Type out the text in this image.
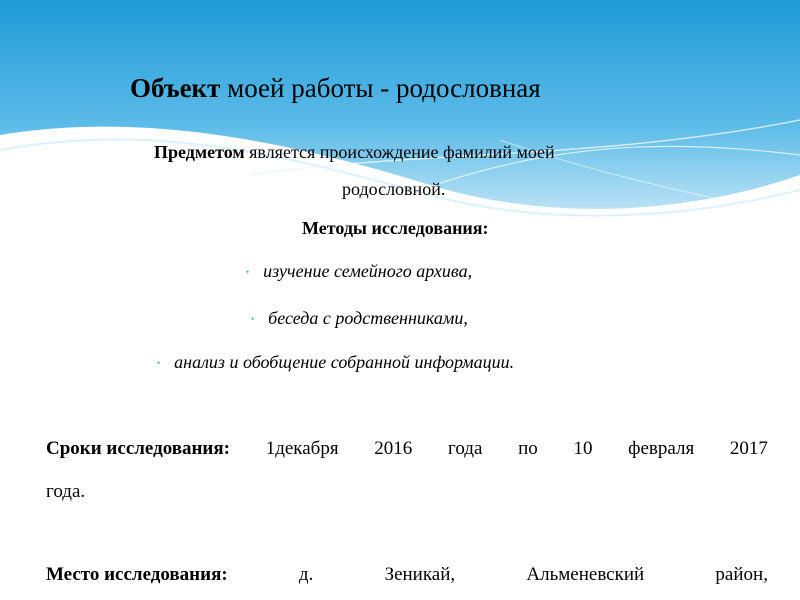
Объект моей работы - родословная
.
Предметом является происхождение фамилий моей
родословной.
Методы исследования:
• изучение семейного архива,
• беседа с родственниками,
• анализ и обобщение собранной информации.
Сроки исследования: 1декабря 2016 года по 10 февраля 2017
года.
Место исследования:	д.	Зеникай,	Альменевский	район,
